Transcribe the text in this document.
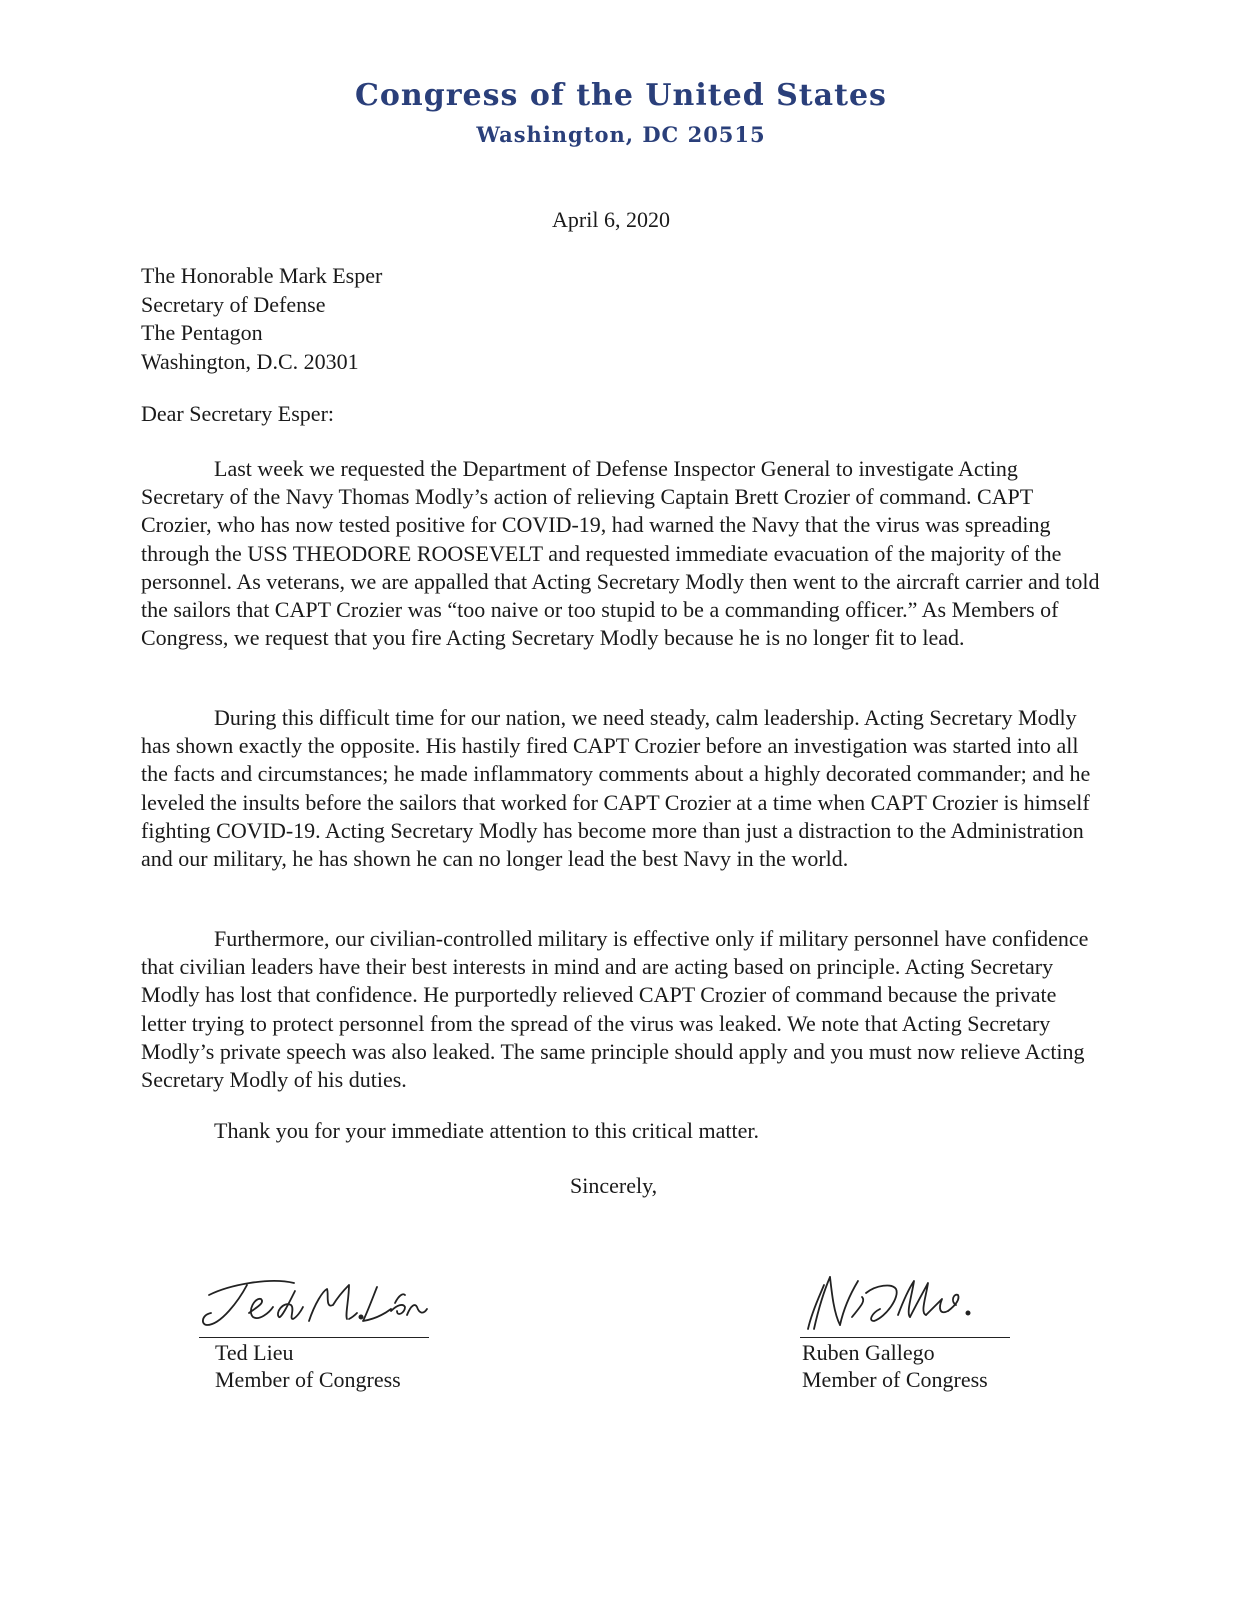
Congress of the United States
Washington, DC 20515
April 6, 2020
The Honorable Mark Esper
Secretary of Defense
The Pentagon
Washington, D.C. 20301
Dear Secretary Esper:

Last week we requested the Department of Defense Inspector General to investigate Acting Secretary of the Navy Thomas Modly’s action of relieving Captain Brett Crozier of command. CAPT Crozier, who has now tested positive for COVID-19, had warned the Navy that the virus was spreading through the USS THEODORE ROOSEVELT and requested immediate evacuation of the majority of the personnel. As veterans, we are appalled that Acting Secretary Modly then went to the aircraft carrier and told the sailors that CAPT Crozier was “too naive or too stupid to be a commanding officer.” As Members of Congress, we request that you fire Acting Secretary Modly because he is no longer fit to lead.

During this difficult time for our nation, we need steady, calm leadership. Acting Secretary Modly has shown exactly the opposite. His hastily fired CAPT Crozier before an investigation was started into all the facts and circumstances; he made inflammatory comments about a highly decorated commander; and he leveled the insults before the sailors that worked for CAPT Crozier at a time when CAPT Crozier is himself fighting COVID-19. Acting Secretary Modly has become more than just a distraction to the Administration and our military, he has shown he can no longer lead the best Navy in the world.

Furthermore, our civilian-controlled military is effective only if military personnel have confidence that civilian leaders have their best interests in mind and are acting based on principle. Acting Secretary Modly has lost that confidence. He purportedly relieved CAPT Crozier of command because the private letter trying to protect personnel from the spread of the virus was leaked. We note that Acting Secretary Modly’s private speech was also leaked. The same principle should apply and you must now relieve Acting Secretary Modly of his duties.

Thank you for your immediate attention to this critical matter.

Sincerely,
Ted Lieu
Member of Congress
Ruben Gallego
Member of Congress
